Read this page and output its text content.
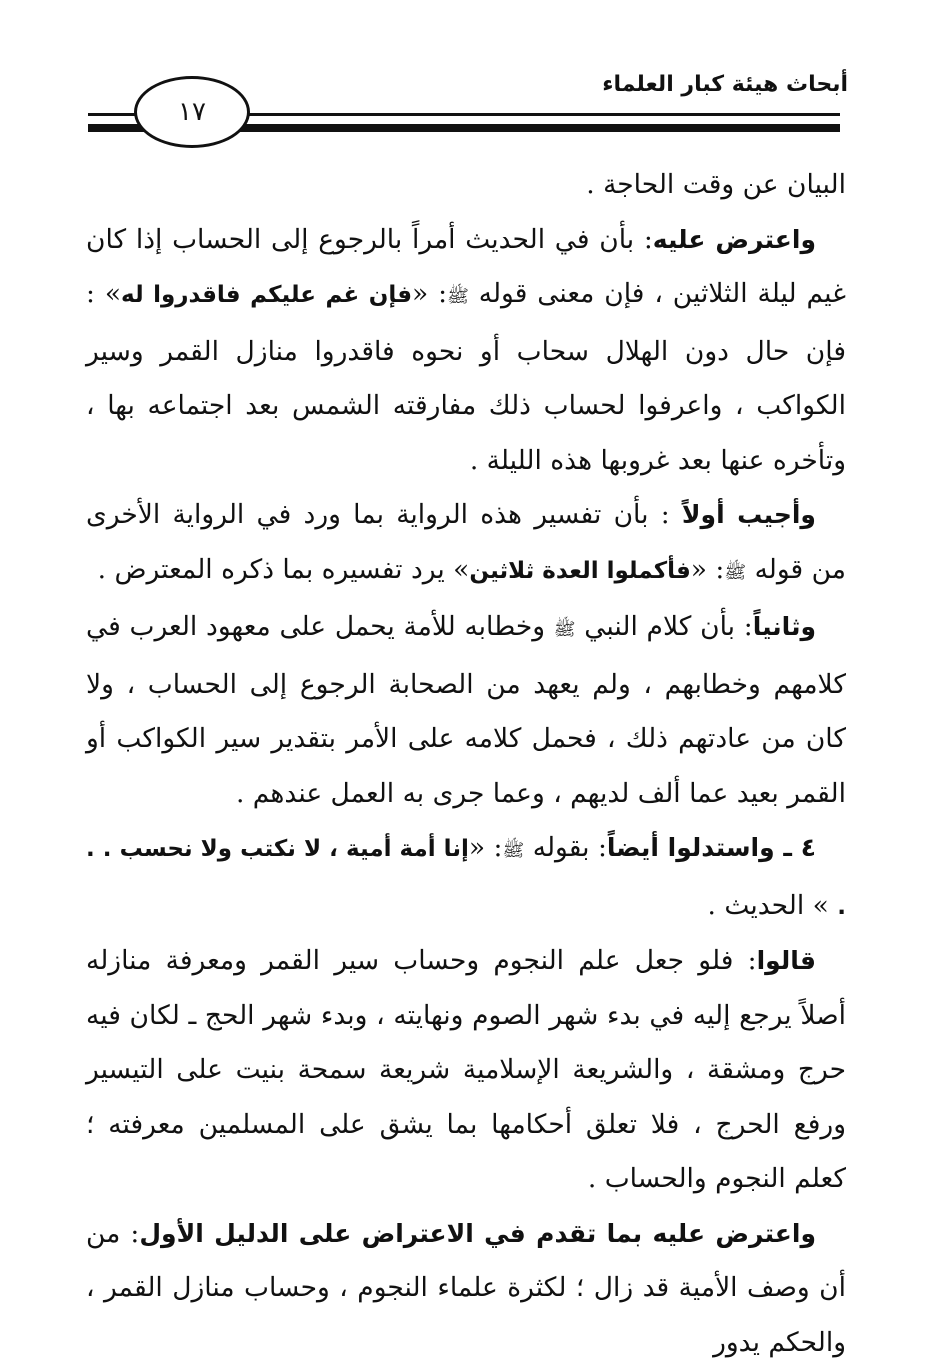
أبحاث هيئة كبار العلماء
١٧

البيان عن وقت الحاجة .

واعترض عليه: بأن في الحديث أمراً بالرجوع إلى الحساب إذا كان غيم ليلة الثلاثين ، فإن معنى قوله ﷺ: «فإن غم عليكم فاقدروا له» : فإن حال دون الهلال سحاب أو نحوه فاقدروا منازل القمر وسير الكواكب ، واعرفوا لحساب ذلك مفارقته الشمس بعد اجتماعه بها ، وتأخره عنها بعد غروبها هذه الليلة .

وأجيب أولاً : بأن تفسير هذه الرواية بما ورد في الرواية الأخرى من قوله ﷺ: «فأكملوا العدة ثلاثين» يرد تفسيره بما ذكره المعترض .

وثانياً: بأن كلام النبي ﷺ وخطابه للأمة يحمل على معهود العرب في كلامهم وخطابهم ، ولم يعهد من الصحابة الرجوع إلى الحساب ، ولا كان من عادتهم ذلك ، فحمل كلامه على الأمر بتقدير سير الكواكب أو القمر بعيد عما ألف لديهم ، وعما جرى به العمل عندهم .

٤ ـ واستدلوا أيضاً: بقوله ﷺ: «إنا أمة أمية ، لا نكتب ولا نحسب . . . » الحديث .

قالوا: فلو جعل علم النجوم وحساب سير القمر ومعرفة منازله أصلاً يرجع إليه في بدء شهر الصوم ونهايته ، وبدء شهر الحج ـ لكان فيه حرج ومشقة ، والشريعة الإسلامية شريعة سمحة بنيت على التيسير ورفع الحرج ، فلا تعلق أحكامها بما يشق على المسلمين معرفته ؛ كعلم النجوم والحساب .

واعترض عليه بما تقدم في الاعتراض على الدليل الأول: من أن وصف الأمية قد زال ؛ لكثرة علماء النجوم ، وحساب منازل القمر ، والحكم يدور
